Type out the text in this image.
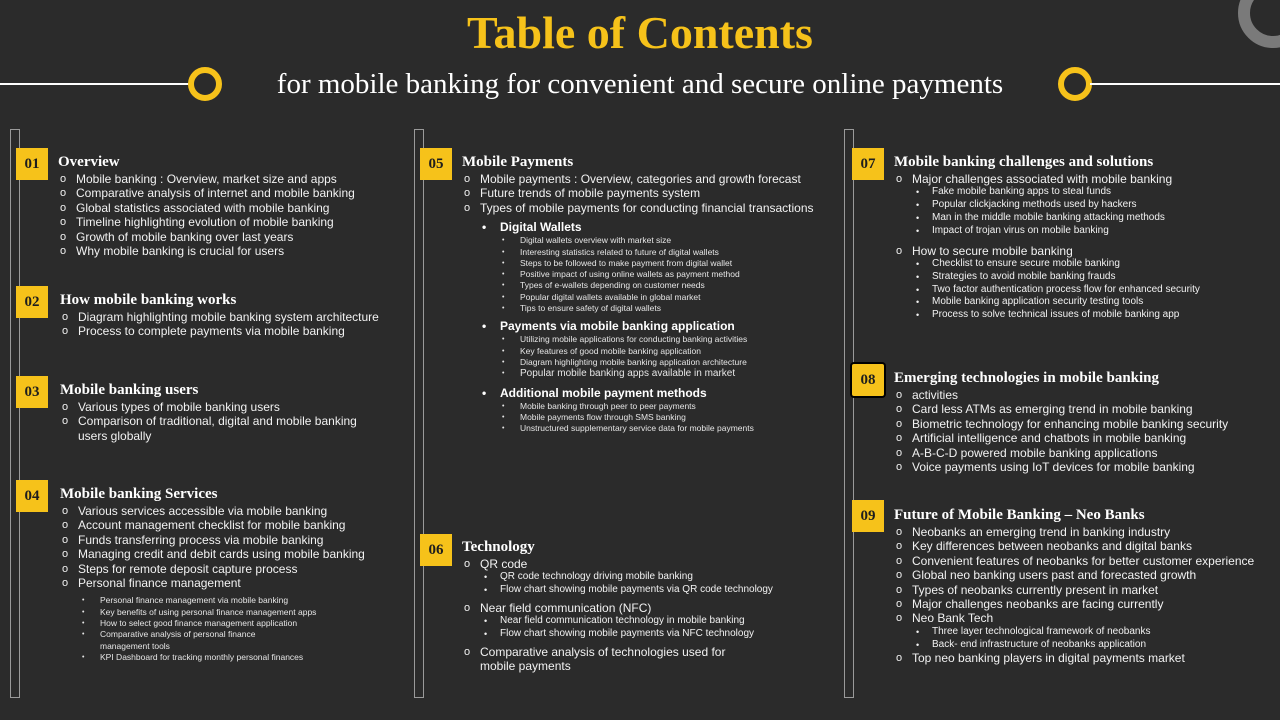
Table of Contents
for mobile banking for convenient and secure online payments
01
02
03
04
05
06
07
08
09
Overview
o Mobile banking : Overview, market size and apps
o Comparative analysis of internet and mobile banking
o Global statistics associated with mobile banking
o Timeline highlighting evolution of mobile banking
o Growth of mobile banking over last years
o Why mobile banking is crucial for users
How mobile banking works
o Diagram highlighting mobile banking system architecture
o Process to complete payments via mobile banking
Mobile banking users
o Various types of mobile banking users
o Comparison of traditional, digital and mobile banking users globally
Mobile banking Services
o Various services accessible via mobile banking
o Account management checklist for mobile banking
o Funds transferring process via mobile banking
o Managing credit and debit cards using mobile banking
o Steps for remote deposit capture process
o Personal finance management
• Personal finance management via mobile banking
• Key benefits of using personal finance management apps
• How to select good finance management application
• Comparative analysis of personal finance management tools
• KPI Dashboard for tracking monthly personal finances
Mobile Payments
o Mobile payments : Overview, categories and growth forecast
o Future trends of mobile payments system
o Types of mobile payments for conducting financial transactions
• Digital Wallets
• Digital wallets overview with market size
• Interesting statistics related to future of digital wallets
• Steps to be followed to make payment from digital wallet
• Positive impact of using online wallets as payment method
• Types of e-wallets depending on customer needs
• Popular digital wallets available in global market
• Tips to ensure safety of digital wallets
• Payments via mobile banking application
• Utilizing mobile applications for conducting banking activities
• Key features of good mobile banking application
• Diagram highlighting mobile banking application architecture
• Popular mobile banking apps available in market
• Additional mobile payment methods
• Mobile banking through peer to peer payments
• Mobile payments flow through SMS banking
• Unstructured supplementary service data for mobile payments
Technology
o QR code
• QR code technology driving mobile banking
• Flow chart showing mobile payments via QR code technology
o Near field communication (NFC)
• Near field communication technology in mobile banking
• Flow chart showing mobile payments via NFC technology
o Comparative analysis of technologies used for mobile payments
Mobile banking challenges and solutions
o Major challenges associated with mobile banking
• Fake mobile banking apps to steal funds
• Popular clickjacking methods used by hackers
• Man in the middle mobile banking attacking methods
• Impact of trojan virus on mobile banking
o How to secure mobile banking
• Checklist to ensure secure mobile banking
• Strategies to avoid mobile banking frauds
• Two factor authentication process flow for enhanced security
• Mobile banking application security testing tools
• Process to solve technical issues of mobile banking app
Emerging technologies in mobile banking
o activities
o Card less ATMs as emerging trend in mobile banking
o Biometric technology for enhancing mobile banking security
o Artificial intelligence and chatbots in mobile banking
o A-B-C-D powered mobile banking applications
o Voice payments using IoT devices for mobile banking
Future of Mobile Banking – Neo Banks
o Neobanks an emerging trend in banking industry
o Key differences between neobanks and digital banks
o Convenient features of neobanks for better customer experience
o Global neo banking users past and forecasted growth
o Types of neobanks currently present in market
o Major challenges neobanks are facing currently
o Neo Bank Tech
• Three layer technological framework of neobanks
• Back- end infrastructure of neobanks application
o Top neo banking players in digital payments market
